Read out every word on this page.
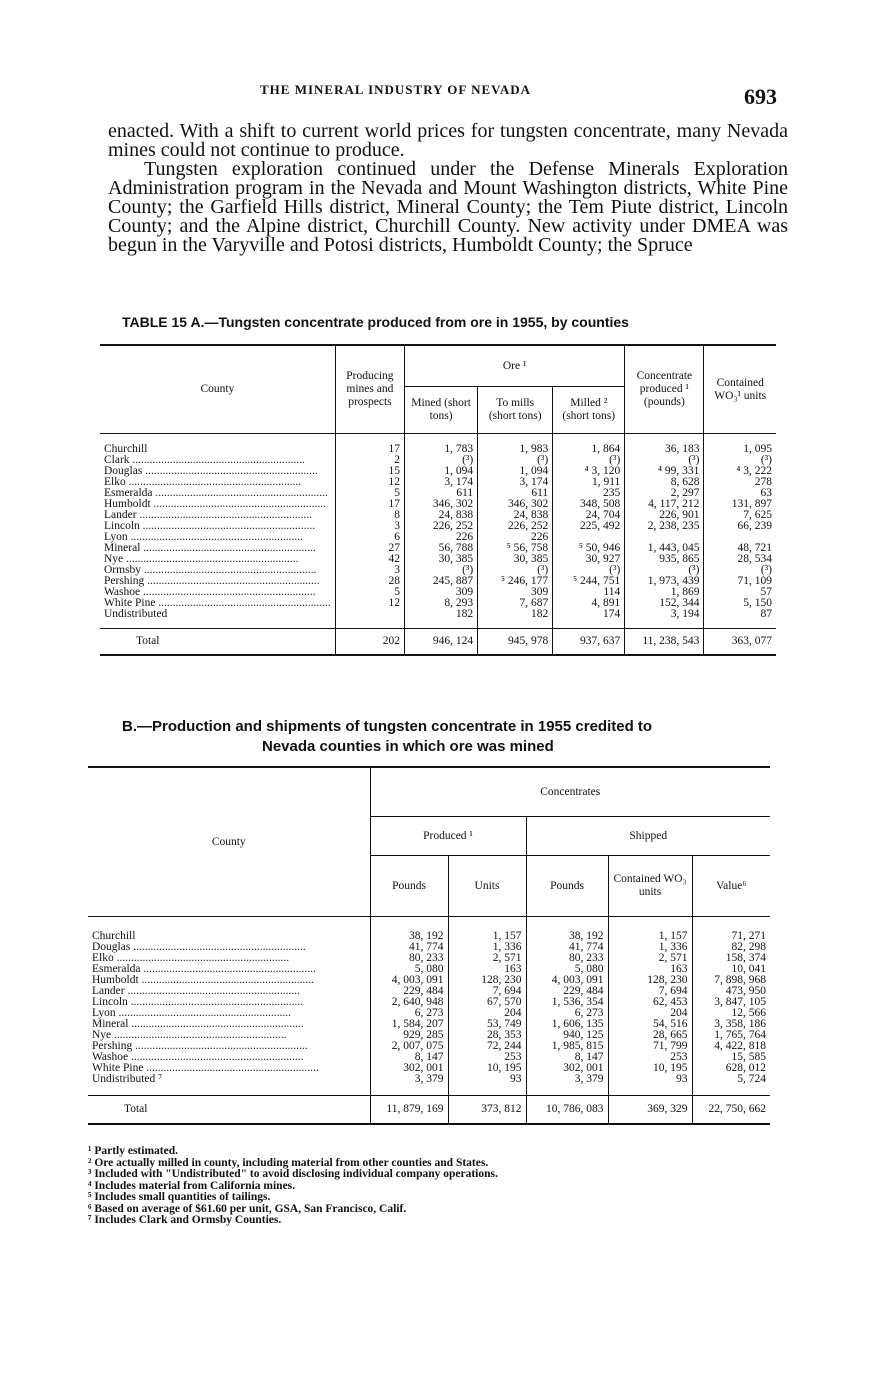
THE MINERAL INDUSTRY OF NEVADA	693

enacted. With a shift to current world prices for tungsten concentrate, many Nevada mines could not continue to produce.

Tungsten exploration continued under the Defense Minerals Exploration Administration program in the Nevada and Mount Washington districts, White Pine County; the Garfield Hills district, Mineral County; the Tem Piute district, Lincoln County; and the Alpine district, Churchill County. New activity under DMEA was begun in the Varyville and Potosi districts, Humboldt County; the Spruce

TABLE 15 A.—Tungsten concentrate produced from ore in 1955, by counties
County	Producing mines and prospects	Ore ¹			Concentrate produced ¹ (pounds)	Contained WO₃¹ units
		Mined (short tons)	To mills (short tons)	Milled ² (short tons)		
Churchill	17	1, 783	1, 983	1, 864	36, 183	1, 095
Clark ............................................................	2	(³)	(³)	(³)	(³)	(³)
Douglas ............................................................	15	1, 094	1, 094	⁴ 3, 120	⁴ 99, 331	⁴ 3, 222
Elko ............................................................	12	3, 174	3, 174	1, 911	8, 628	278
Esmeralda ............................................................	5	611	611	235	2, 297	63
Humboldt ............................................................	17	346, 302	346, 302	348, 508	4, 117, 212	131, 897
Lander ............................................................	8	24, 838	24, 838	24, 704	226, 901	7, 625
Lincoln ............................................................	3	226, 252	226, 252	225, 492	2, 238, 235	66, 239
Lyon ............................................................	6	226	226			
Mineral ............................................................	27	56, 788	⁵ 56, 758	⁵ 50, 946	1, 443, 045	48, 721
Nye ............................................................	42	30, 385	30, 385	30, 927	935, 865	28, 534
Ormsby ............................................................	3	(³)	(³)	(³)	(³)	(³)
Pershing ............................................................	28	245, 887	⁵ 246, 177	⁵ 244, 751	1, 973, 439	71, 109
Washoe ............................................................	5	309	309	114	1, 869	57
White Pine ............................................................	12	8, 293	7, 687	4, 891	152, 344	5, 150
Undistributed		182	182	174	3, 194	87
Total	202	946, 124	945, 978	937, 637	11, 238, 543	363, 077
B.—Production and shipments of tungsten concentrate in 1955 credited to
Nevada counties in which ore was mined
County	Concentrates				
	Produced ¹		Shipped		
	Pounds	Units	Pounds	Contained WO₃ units	Value⁶
Churchill	38, 192	1, 157	38, 192	1, 157	71, 271
Douglas ............................................................	41, 774	1, 336	41, 774	1, 336	82, 298
Elko ............................................................	80, 233	2, 571	80, 233	2, 571	158, 374
Esmeralda ............................................................	5, 080	163	5, 080	163	10, 041
Humboldt ............................................................	4, 003, 091	128, 230	4, 003, 091	128, 230	7, 898, 968
Lander ............................................................	229, 484	7, 694	229, 484	7, 694	473, 950
Lincoln ............................................................	2, 640, 948	67, 570	1, 536, 354	62, 453	3, 847, 105
Lyon ............................................................	6, 273	204	6, 273	204	12, 566
Mineral ............................................................	1, 584, 207	53, 749	1, 606, 135	54, 516	3, 358, 186
Nye ............................................................	929, 285	28, 353	940, 125	28, 665	1, 765, 764
Pershing ............................................................	2, 007, 075	72, 244	1, 985, 815	71, 799	4, 422, 818
Washoe ............................................................	8, 147	253	8, 147	253	15, 585
White Pine ............................................................	302, 001	10, 195	302, 001	10, 195	628, 012
Undistributed ⁷	3, 379	93	3, 379	93	5, 724
Total	11, 879, 169	373, 812	10, 786, 083	369, 329	22, 750, 662
¹ Partly estimated.
² Ore actually milled in county, including material from other counties and States.
³ Included with "Undistributed" to avoid disclosing individual company operations.
⁴ Includes material from California mines.
⁵ Includes small quantities of tailings.
⁶ Based on average of $61.60 per unit, GSA, San Francisco, Calif.
⁷ Includes Clark and Ormsby Counties.
